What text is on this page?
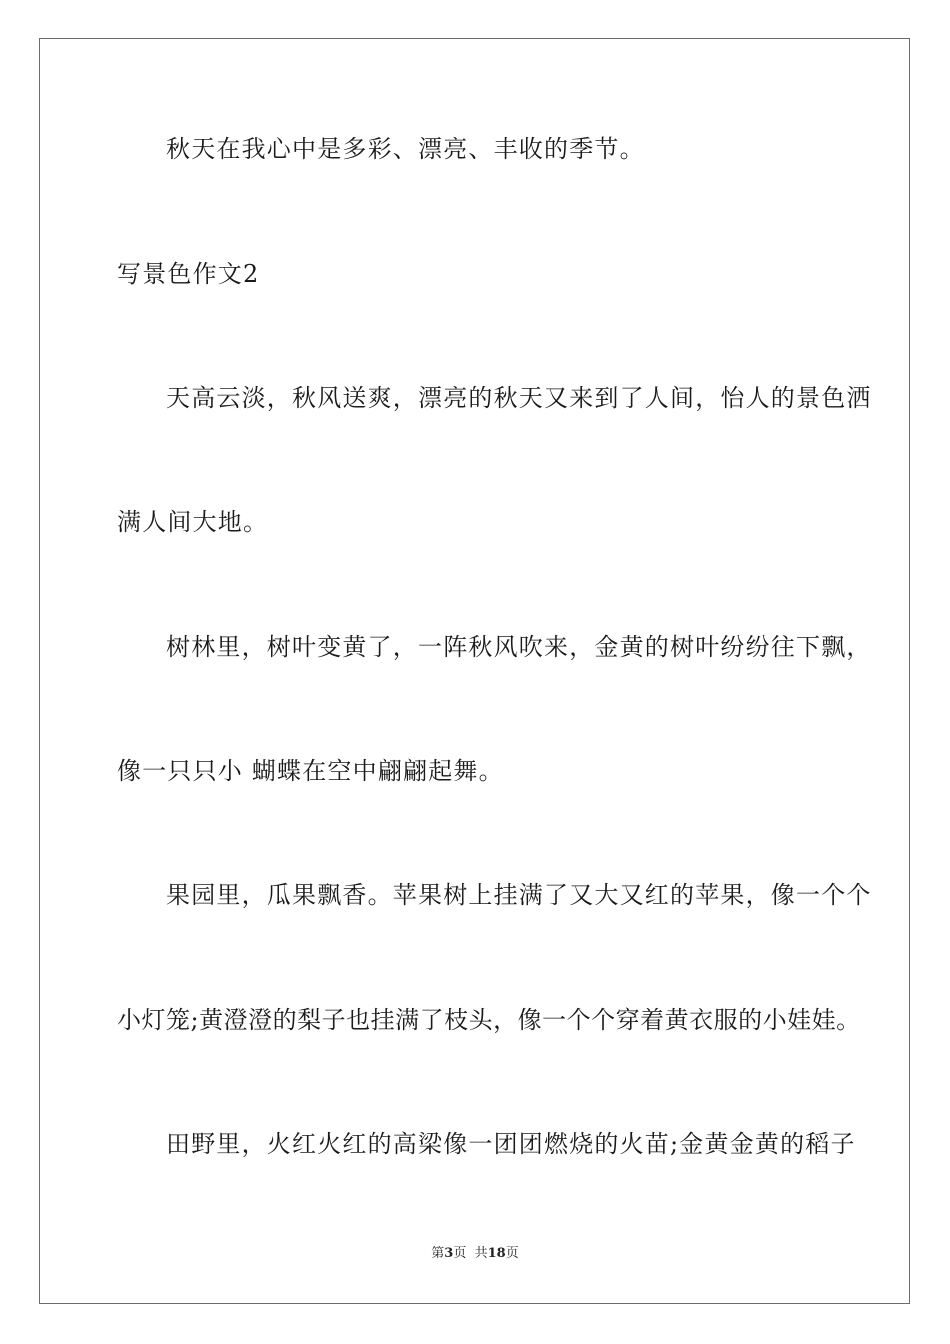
秋天在我心中是多彩、漂亮、丰收的季节。
写景色作文2
天高云淡，秋风送爽，漂亮的秋天又来到了人间，怡人的景色洒
满人间大地。
树林里，树叶变黄了，一阵秋风吹来，金黄的树叶纷纷往下飘，
像一只只小 蝴蝶在空中翩翩起舞。
果园里，瓜果飘香。苹果树上挂满了又大又红的苹果，像一个个
小灯笼;黄澄澄的梨子也挂满了枝头，像一个个穿着黄衣服的小娃娃。
田野里，火红火红的高梁像一团团燃烧的火苗;金黄金黄的稻子
第3页  共18页
